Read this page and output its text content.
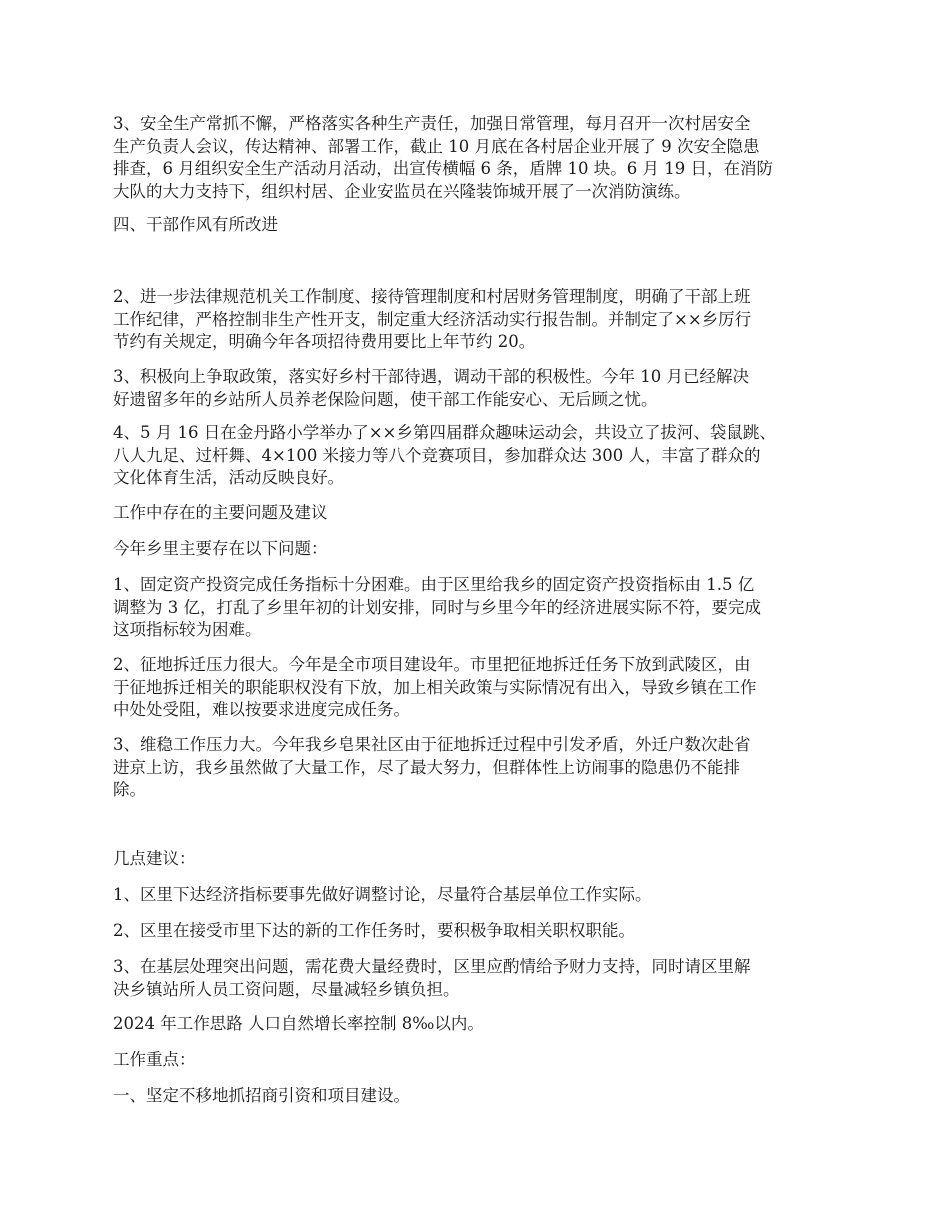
3、安全生产常抓不懈，严格落实各种生产责任，加强日常管理，每月召开一次村居安全
生产负责人会议，传达精神、部署工作，截止 10 月底在各村居企业开展了 9 次安全隐患
排查，6 月组织安全生产活动月活动，出宣传横幅 6 条，盾牌 10 块。6 月 19 日，在消防
大队的大力支持下，组织村居、企业安监员在兴隆装饰城开展了一次消防演练。

四、干部作风有所改进

2、进一步法律规范机关工作制度、接待管理制度和村居财务管理制度，明确了干部上班
工作纪律，严格控制非生产性开支，制定重大经济活动实行报告制。并制定了××乡厉行
节约有关规定，明确今年各项招待费用要比上年节约 20。

3、积极向上争取政策，落实好乡村干部待遇，调动干部的积极性。今年 10 月已经解决
好遗留多年的乡站所人员养老保险问题，使干部工作能安心、无后顾之忧。

4、5 月 16 日在金丹路小学举办了××乡第四届群众趣味运动会，共设立了拔河、袋鼠跳、
八人九足、过杆舞、4×100 米接力等八个竞赛项目，参加群众达 300 人，丰富了群众的
文化体育生活，活动反映良好。

工作中存在的主要问题及建议

今年乡里主要存在以下问题：

1、固定资产投资完成任务指标十分困难。由于区里给我乡的固定资产投资指标由 1.5 亿
调整为 3 亿，打乱了乡里年初的计划安排，同时与乡里今年的经济进展实际不符，要完成
这项指标较为困难。

2、征地拆迁压力很大。今年是全市项目建设年。市里把征地拆迁任务下放到武陵区，由
于征地拆迁相关的职能职权没有下放，加上相关政策与实际情况有出入，导致乡镇在工作
中处处受阻，难以按要求进度完成任务。

3、维稳工作压力大。今年我乡皂果社区由于征地拆迁过程中引发矛盾，外迁户数次赴省
进京上访，我乡虽然做了大量工作，尽了最大努力，但群体性上访闹事的隐患仍不能排
除。

几点建议：

1、区里下达经济指标要事先做好调整讨论，尽量符合基层单位工作实际。

2、区里在接受市里下达的新的工作任务时，要积极争取相关职权职能。

3、在基层处理突出问题，需花费大量经费时，区里应酌情给予财力支持，同时请区里解
决乡镇站所人员工资问题，尽量减轻乡镇负担。

2024 年工作思路 人口自然增长率控制 8‰以内。

工作重点：

一、坚定不移地抓招商引资和项目建设。
